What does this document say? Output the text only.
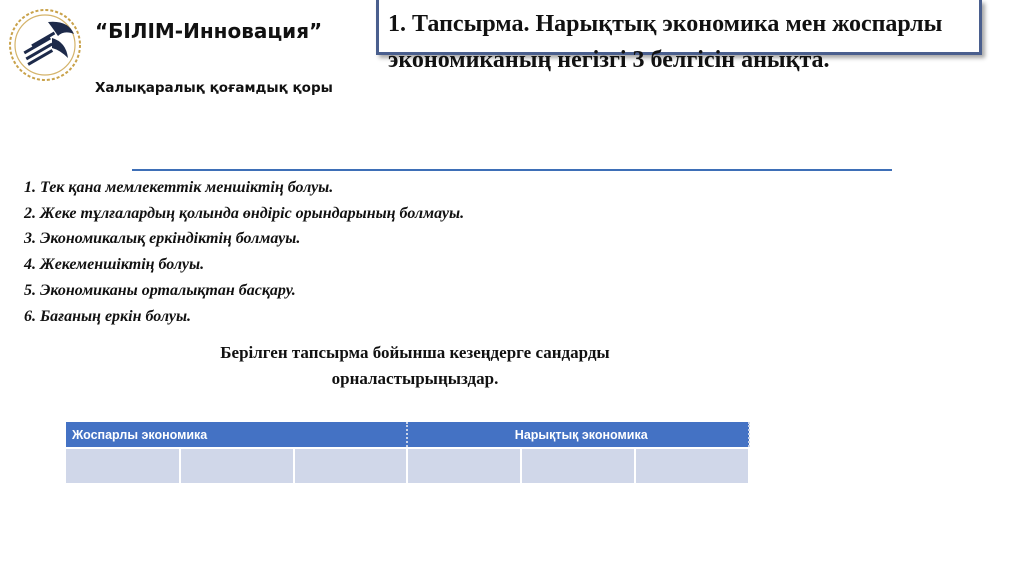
“БІЛІМ-Инновация”
Халықаралық қоғамдық қоры
1. Тапсырма. Нарықтық экономика мен жоспарлы экономиканың негізгі 3 белгісін анықта.
1. Тек қана мемлекеттік меншіктің болуы.
2. Жеке тұлғалардың қолында өндіріс орындарының болмауы.
3. Экономикалық еркіндіктің болмауы.
4. Жекеменшіктің болуы.
5. Экономиканы орталықтан басқару.
6. Бағаның еркін болуы.
Берілген тапсырма бойынша кезеңдерге сандарды орналастырыңыздар.
Жоспарлы экономика			Нарықтық экономика		
